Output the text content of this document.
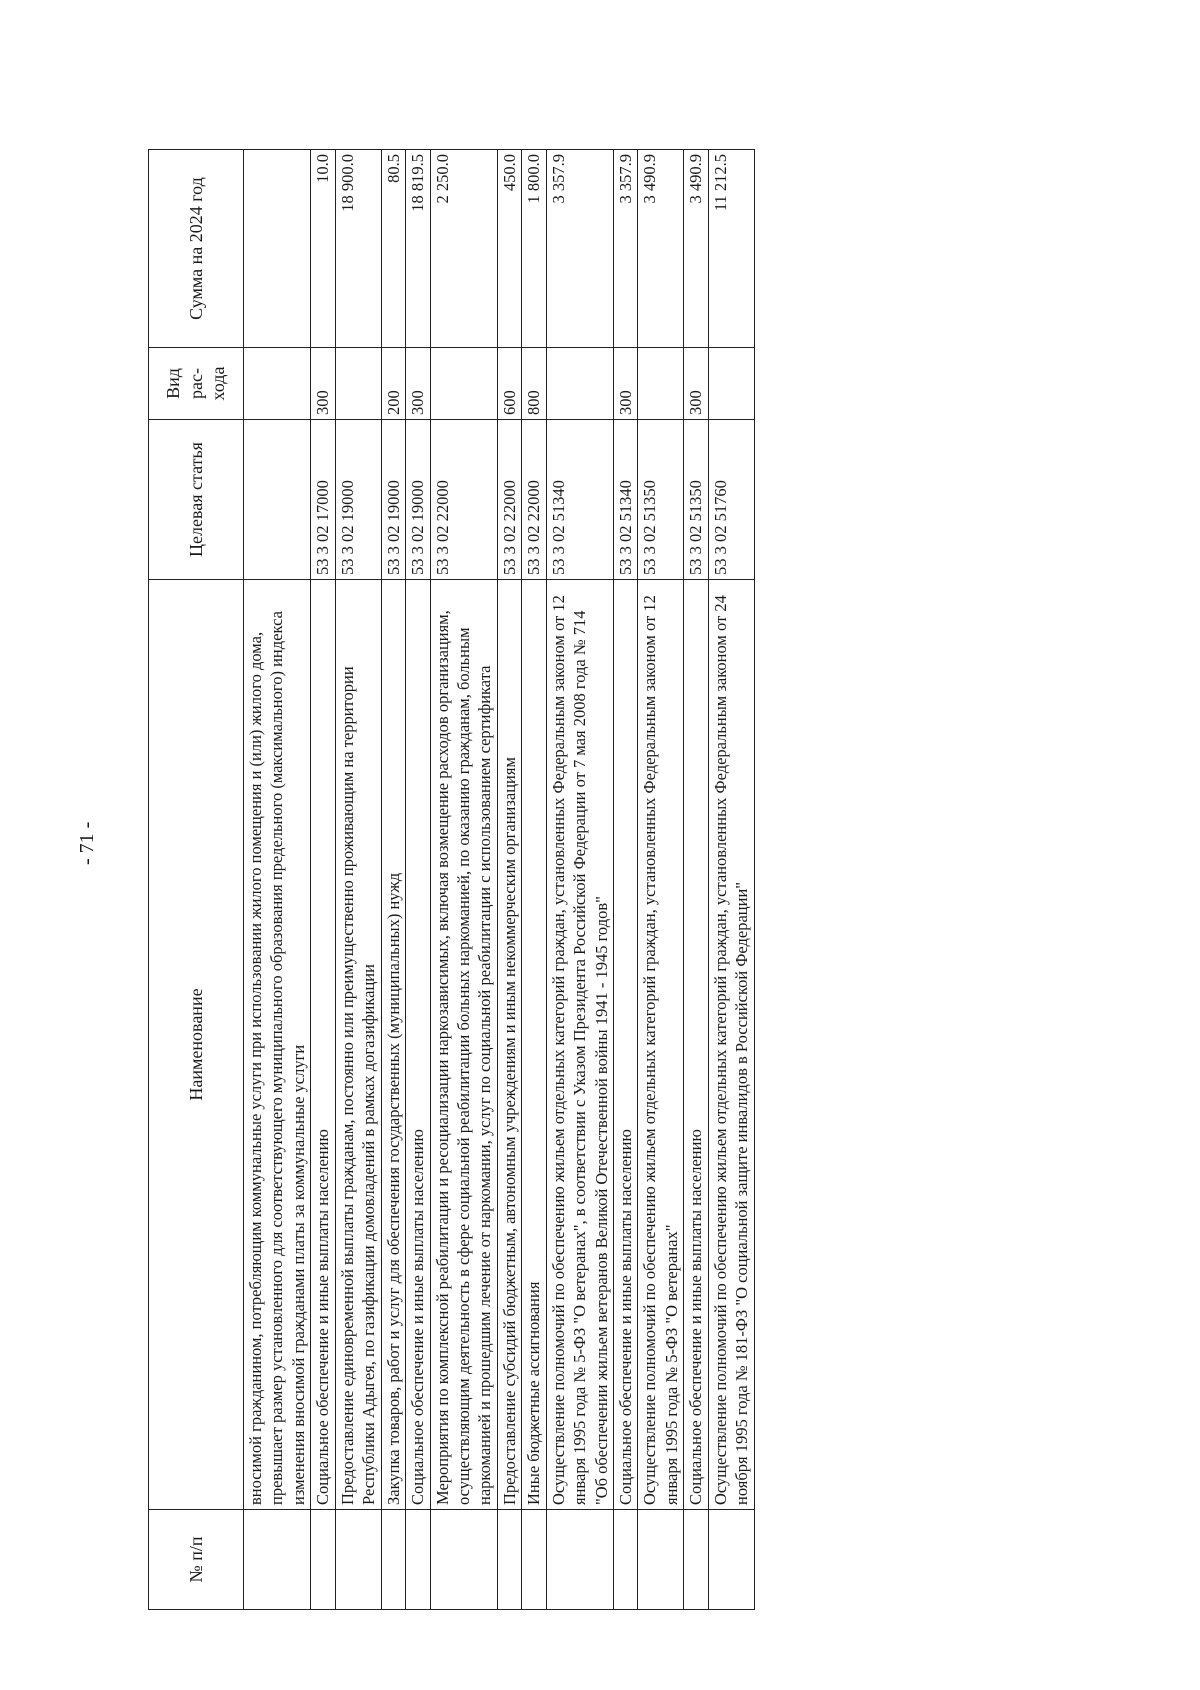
- 71 -
№ п/п	Наименование	Целевая статья	Вид рас-хода	Сумма на 2024 год
	вносимой гражданином, потребляющим коммунальные услуги при использовании жилого помещения и (или) жилого дома, превышает размер установленного для соответствующего муниципального образования предельного (максимального) индекса изменения вносимой гражданами платы за коммунальные услуги			
	Социальное обеспечение и иные выплаты населению	53 3 02 17000	300	10.0
	Предоставление единовременной выплаты гражданам, постоянно или преимущественно проживающим на территории Республики Адыгея, по газификации домовладений в рамках догазификации	53 3 02 19000		18 900.0
	Закупка товаров, работ и услуг для обеспечения государственных (муниципальных) нужд	53 3 02 19000	200	80.5
	Социальное обеспечение и иные выплаты населению	53 3 02 19000	300	18 819.5
	Мероприятия по комплексной реабилитации и ресоциализации наркозависимых, включая возмещение расходов организациям, осуществляющим деятельность в сфере социальной реабилитации больных наркоманией, по оказанию гражданам, больным наркоманией и прошедшим лечение от наркомании, услуг по социальной реабилитации с использованием сертификата	53 3 02 22000		2 250.0
	Предоставление субсидий бюджетным, автономным учреждениям и иным некоммерческим организациям	53 3 02 22000	600	450.0
	Иные бюджетные ассигнования	53 3 02 22000	800	1 800.0
	Осуществление полномочий по обеспечению жильем отдельных категорий граждан, установленных Федеральным законом от 12 января 1995 года № 5-ФЗ "О ветеранах", в соответствии с Указом Президента Российской Федерации от 7 мая 2008 года № 714 "Об обеспечении жильем ветеранов Великой Отечественной войны 1941 - 1945 годов"	53 3 02 51340		3 357.9
	Социальное обеспечение и иные выплаты населению	53 3 02 51340	300	3 357.9
	Осуществление полномочий по обеспечению жильем отдельных категорий граждан, установленных Федеральным законом от 12 января 1995 года № 5-ФЗ "О ветеранах"	53 3 02 51350		3 490.9
	Социальное обеспечение и иные выплаты населению	53 3 02 51350	300	3 490.9
	Осуществление полномочий по обеспечению жильем отдельных категорий граждан, установленных Федеральным законом от 24 ноября 1995 года № 181-ФЗ "О социальной защите инвалидов в Российской Федерации"	53 3 02 51760		11 212.5
